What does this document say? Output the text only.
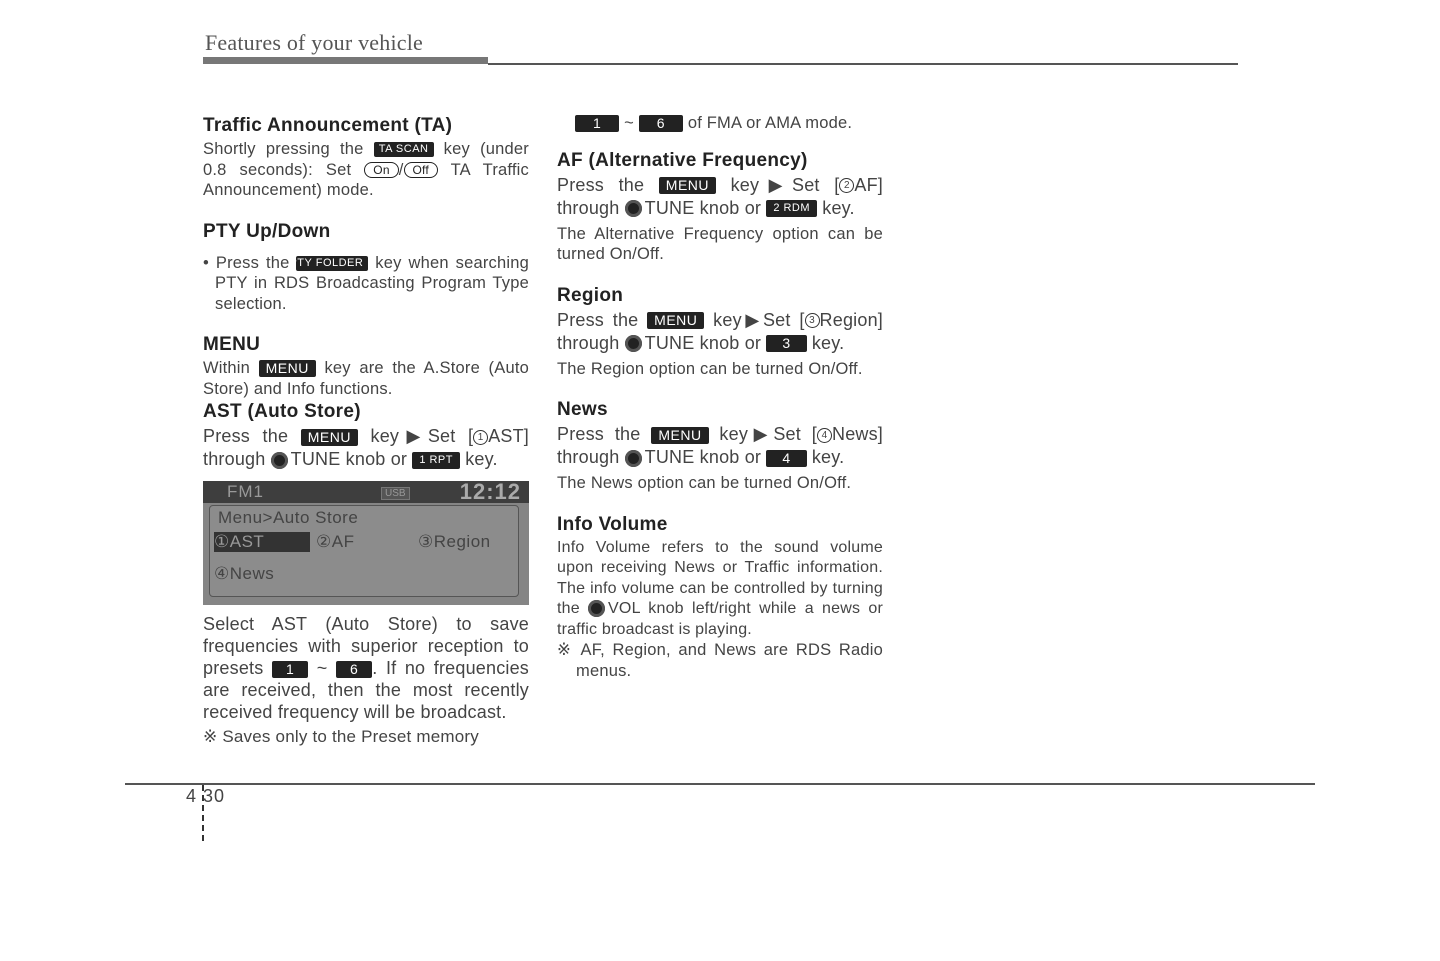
Features of your vehicle
Traffic Announcement (TA)

Shortly pressing the TA SCAN key (under 0.8 seconds): Set On / Off TA Traffic Announcement) mode.

PTY Up/Down

• Press the PTY FOLDER key when searching PTY in RDS Broadcasting Program Type selection.

MENU

Within MENU key are the A.Store (Auto Store) and Info functions.

AST (Auto Store)

Press the MENU key▶Set [ 1 AST] through TUNE knob or 1 RPT key.

FM1	USB 12:12
Menu>Auto Store
①AST	②AF	③Region
④News

Select AST (Auto Store) to save frequencies with superior reception to presets 1 ~ 6 . If no frequencies are received, then the most recently received frequency will be broadcast.

※ Saves only to the Preset memory

1 ~ 6 of FMA or AMA mode.

AF (Alternative Frequency)

Press the MENU key▶Set [ 2 AF] through TUNE knob or 2 RDM key.

The Alternative Frequency option can be turned On/Off.

Region

Press the MENU key▶Set [ 3 Region] through TUNE knob or 3 key.

The Region option can be turned On/Off.

News

Press the MENU key▶Set [ 4 News] through TUNE knob or 4 key.

The News option can be turned On/Off.

Info Volume

Info Volume refers to the sound volume upon receiving News or Traffic information. The info volume can be controlled by turning the VOL knob left/right while a news or traffic broadcast is playing.

※ AF, Region, and News are RDS Radio menus.

4 30
